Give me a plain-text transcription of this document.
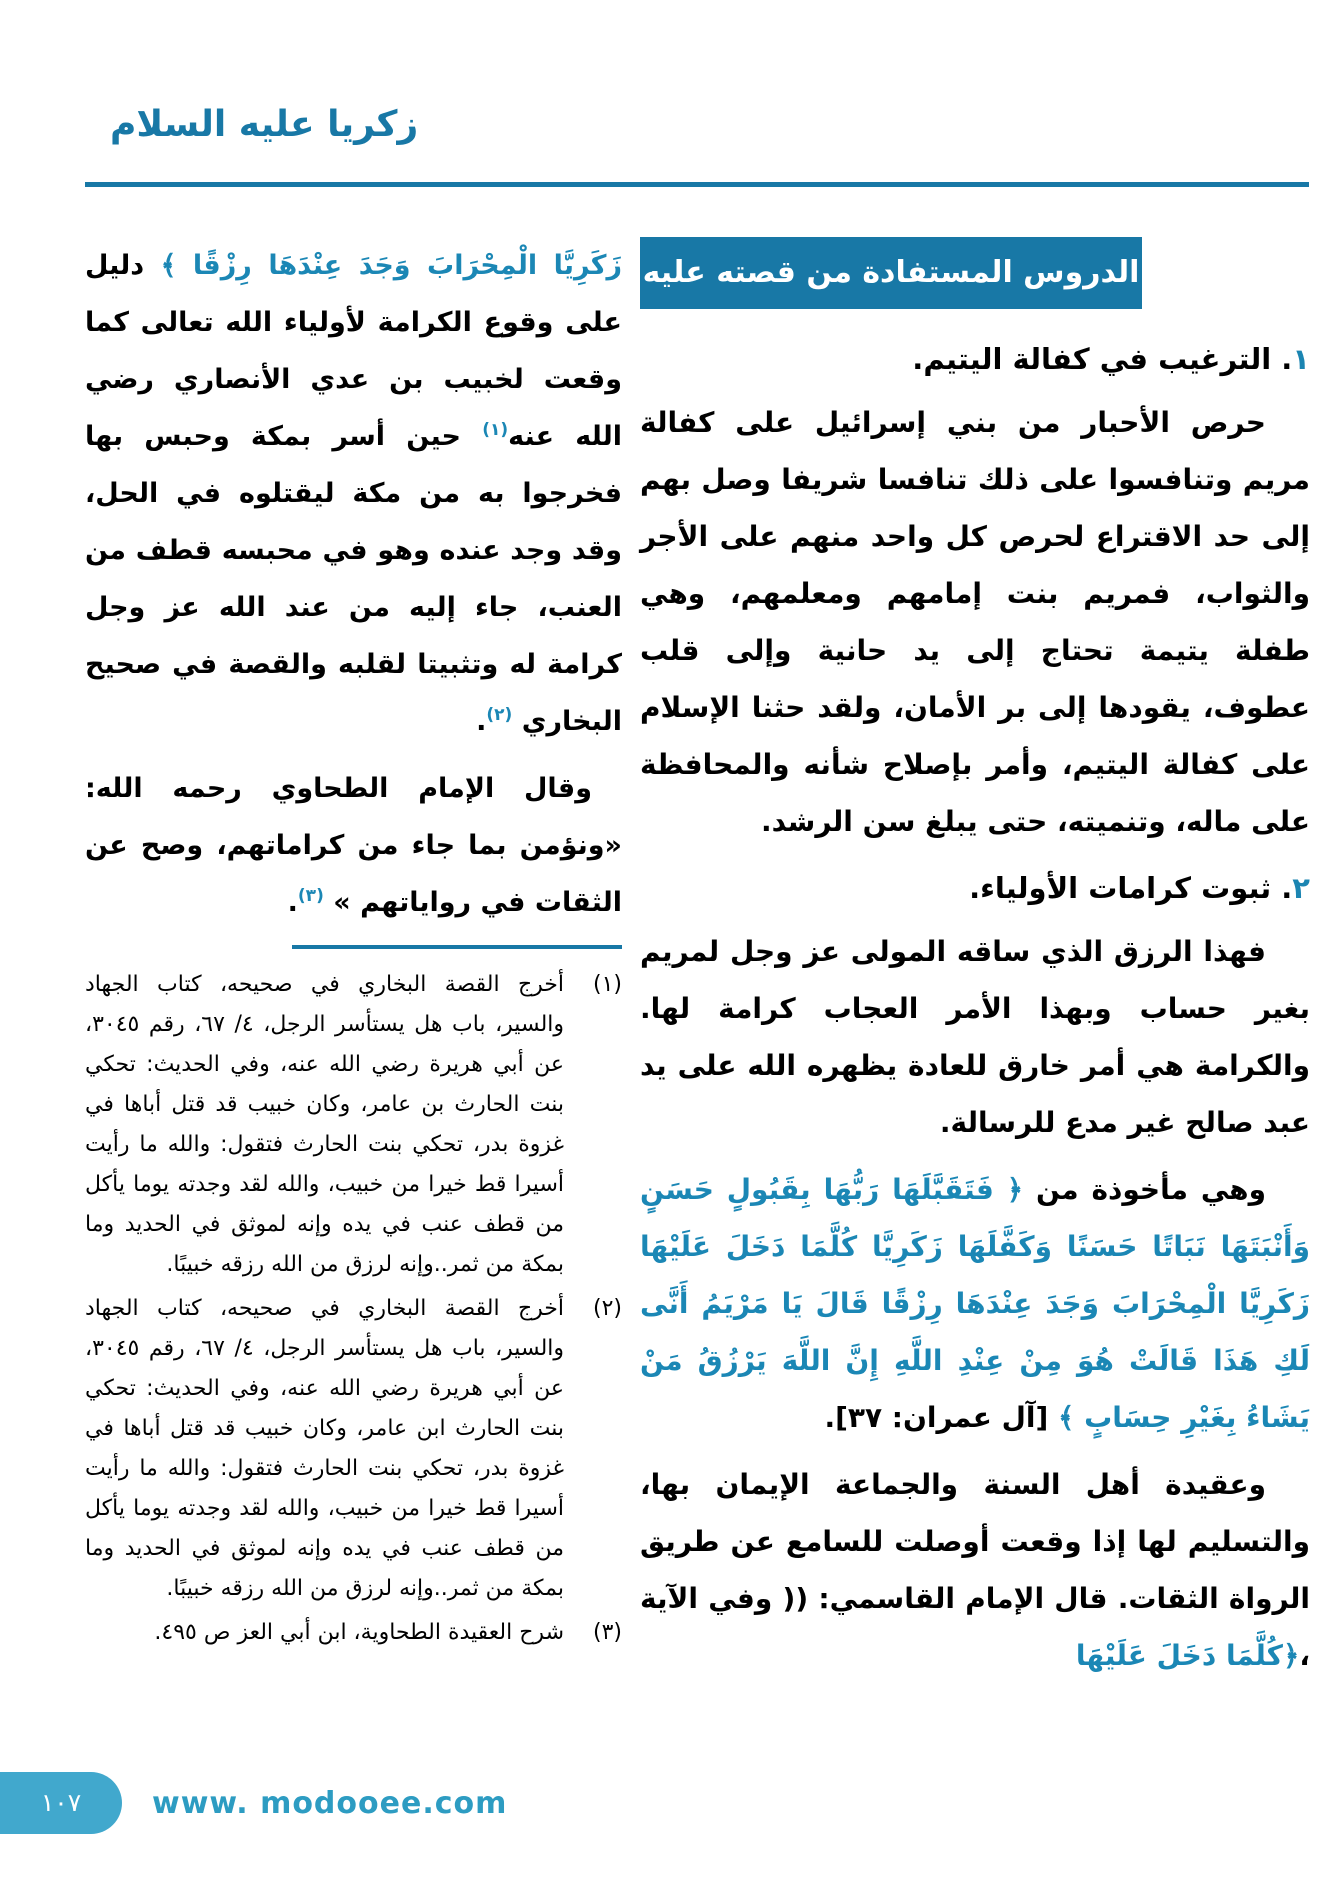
زكريا عليه السلام
الدروس المستفادة من قصته عليه السلام	١. الترغيب في كفالة اليتيم.

حرص الأحبار من بني إسرائيل على كفالة مريم وتنافسوا على ذلك تنافسا شريفا وصل بهم إلى حد الاقتراع لحرص كل واحد منهم على الأجر والثواب، فمريم بنت إمامهم ومعلمهم، وهي طفلة يتيمة تحتاج إلى يد حانية وإلى قلب عطوف، يقودها إلى بر الأمان، ولقد حثنا الإسلام على كفالة اليتيم، وأمر بإصلاح شأنه والمحافظة على ماله، وتنميته، حتى يبلغ سن الرشد.

٢. ثبوت كرامات الأولياء.

فهذا الرزق الذي ساقه المولى عز وجل لمريم بغير حساب وبهذا الأمر العجاب كرامة لها. والكرامة هي أمر خارق للعادة يظهره الله على يد عبد صالح غير مدع للرسالة.

وهي مأخوذة من ﴿ فَتَقَبَّلَهَا رَبُّهَا بِقَبُولٍ حَسَنٍ وَأَنْبَتَهَا نَبَاتًا حَسَنًا وَكَفَّلَهَا زَكَرِيَّا كُلَّمَا دَخَلَ عَلَيْهَا زَكَرِيَّا الْمِحْرَابَ وَجَدَ عِنْدَهَا رِزْقًا قَالَ يَا مَرْيَمُ أَنَّى لَكِ هَذَا قَالَتْ هُوَ مِنْ عِنْدِ اللَّهِ إِنَّ اللَّهَ يَرْزُقُ مَنْ يَشَاءُ بِغَيْرِ حِسَابٍ ﴾ [آل عمران: ٣٧].

وعقيدة أهل السنة والجماعة الإيمان بها، والتسليم لها إذا وقعت أوصلت للسامع عن طريق الرواة الثقات. قال الإمام القاسمي: (( وفي الآية ،﴿كُلَّمَا دَخَلَ عَلَيْهَا

زَكَرِيَّا الْمِحْرَابَ وَجَدَ عِنْدَهَا رِزْقًا ﴾ دليل على وقوع الكرامة لأولياء الله تعالى كما وقعت لخبيب بن عدي الأنصاري رضي الله عنه$^{(١)}$ حين أسر بمكة وحبس بها فخرجوا به من مكة ليقتلوه في الحل، وقد وجد عنده وهو في محبسه قطف من العنب، جاء إليه من عند الله عز وجل كرامة له وتثبيتا لقلبه والقصة في صحيح البخاري $^{(٢)}$.

وقال الإمام الطحاوي رحمه الله: «ونؤمن بما جاء من كراماتهم، وصح عن الثقات في رواياتهم » $^{(٣)}$.

(١)
أخرج القصة البخاري في صحيحه، كتاب الجهاد والسير، باب هل يستأسر الرجل، ٤/ ٦٧، رقم ٣٠٤٥، عن أبي هريرة رضي الله عنه، وفي الحديث: تحكي بنت الحارث بن عامر، وكان خبيب قد قتل أباها في غزوة بدر، تحكي بنت الحارث فتقول: والله ما رأيت أسيرا قط خيرا من خبيب، والله لقد وجدته يوما يأكل من قطف عنب في يده وإنه لموثق في الحديد وما بمكة من ثمر..وإنه لرزق من الله رزقه خبيبًا.
(٢)
أخرج القصة البخاري في صحيحه، كتاب الجهاد والسير، باب هل يستأسر الرجل، ٤/ ٦٧، رقم ٣٠٤٥، عن أبي هريرة رضي الله عنه، وفي الحديث: تحكي بنت الحارث ابن عامر، وكان خبيب قد قتل أباها في غزوة بدر، تحكي بنت الحارث فتقول: والله ما رأيت أسيرا قط خيرا من خبيب، والله لقد وجدته يوما يأكل من قطف عنب في يده وإنه لموثق في الحديد وما بمكة من ثمر..وإنه لرزق من الله رزقه خبيبًا.
(٣)
شرح العقيدة الطحاوية، ابن أبي العز ص ٤٩٥.
١٠٧	www. modooee.com
